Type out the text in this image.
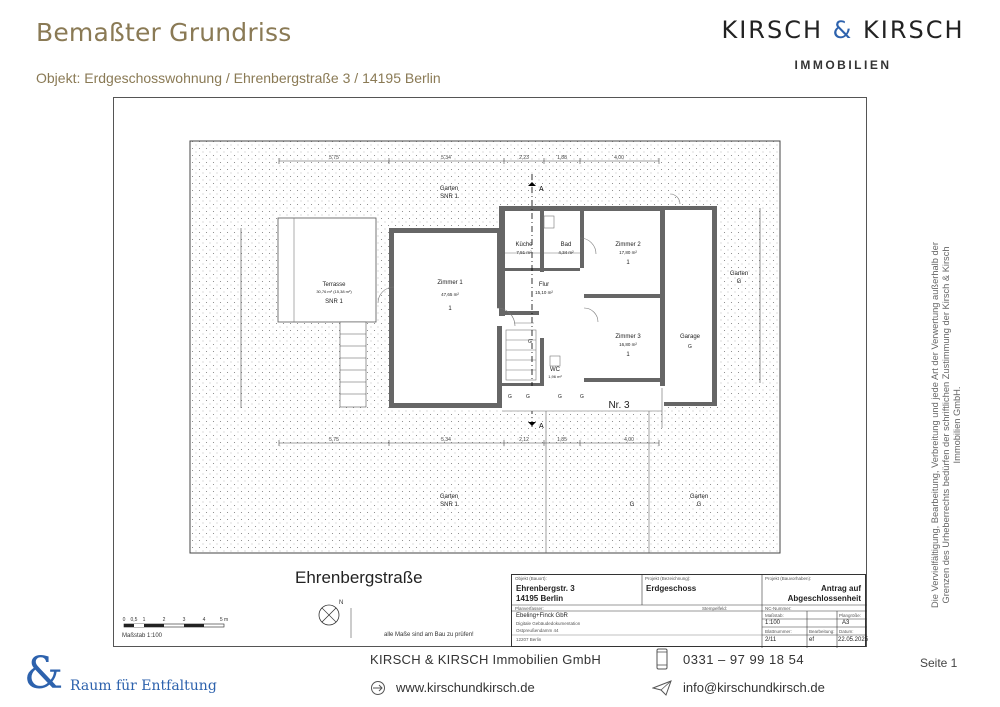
Bemaßter Grundriss
Objekt: Erdgeschosswohnung / Ehrenbergstraße 3 / 14195 Berlin
KIRSCH & KIRSCH
IMMOBILIEN
Die Vervielfältigung, Bearbeitung, Verbreitung und jede Art der Verwertung außerhalb der Grenzen des Urheberrechts bedürfen der schriftlichen Zustimmung der Kirsch & Kirsch Immobilien GmbH.
5,75	5,34	2,23	1,88	4,00
5,75	5,34	2,12	1,85	4,00
A
A
Zimmer 1
47,65 m²
1
Küche
7,51 m²
Bad
4,34 m²
Flur
15,10 m²
WC
1,96 m²
Zimmer 2
17,80 m²
1
Zimmer 3
16,80 m²
1
Garage
G
Terrasse
30,76 m² (15,38 m²)
SNR 1
Garten
SNR 1
Garten
G
Garten
SNR 1
Garten
G
G
Nr. 3
G	G	G	G
G
N
0 0,5 1	2	3	4	5 m
Ehrenbergstraße
alle Maße sind am Bau zu prüfen!
Maßstab 1:100
Objekt (Bauort):
Ehrenbergstr. 3
14195 Berlin
Projekt (Bezeichnung):
Erdgeschoss
Projekt (Bauvorhaben):
Antrag auf
Abgeschlossenheit
Planverfasser:	Stempelfeld:	NC-Nummer:
Ebeling+Finck GbR
Digitale Gebäudedokumentation
Ostpreußendamm 44
12207 Berlin
Maßstab:	Plangröße:
1:100	A3
Blattnummer:	Bearbeitung: Datum:
2/11	ef	22.05.2025
& Raum für Entfaltung
KIRSCH & KIRSCH Immobilien GmbH
www.kirschundkirsch.de
0331 – 97 99 18 54
info@kirschundkirsch.de
Seite 1
